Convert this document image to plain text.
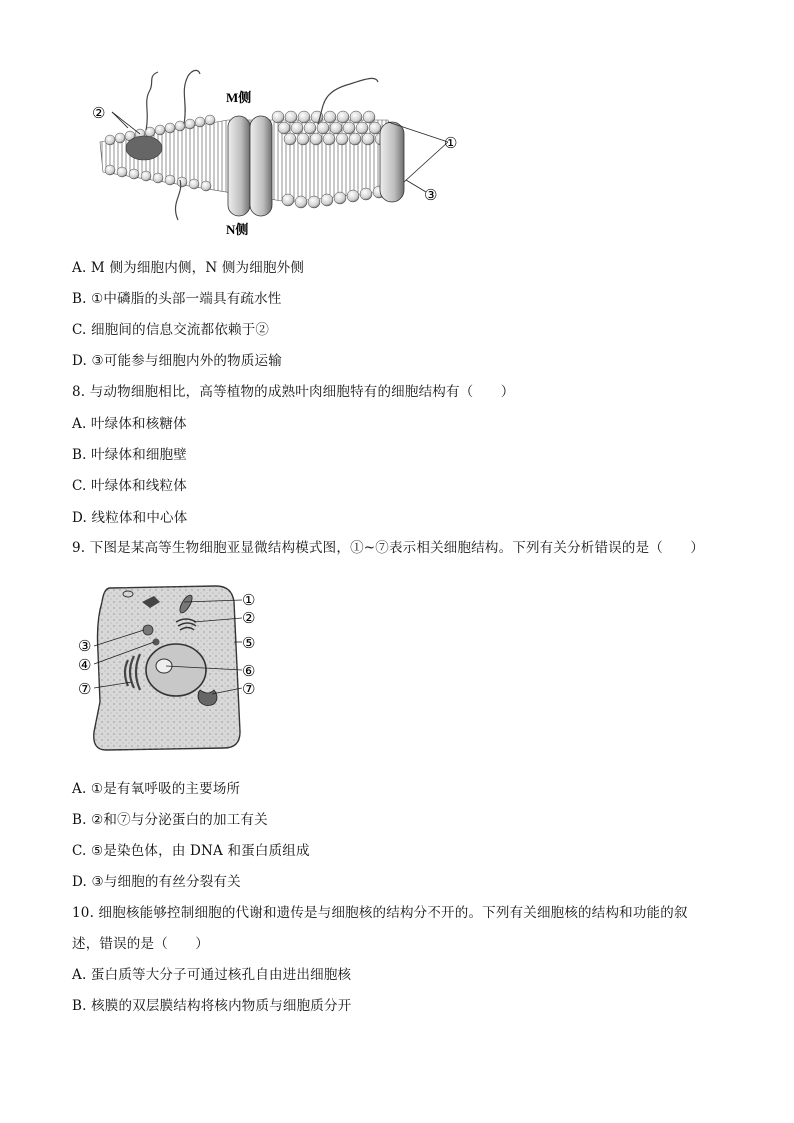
M侧
N侧
②
①
③
A. M 侧为细胞内侧，N 侧为细胞外侧
B. ①中磷脂的头部一端具有疏水性
C. 细胞间的信息交流都依赖于②
D. ③可能参与细胞内外的物质运输
8. 与动物细胞相比，高等植物的成熟叶肉细胞特有的细胞结构有（　　）
A. 叶绿体和核糖体
B. 叶绿体和细胞壁
C. 叶绿体和线粒体
D. 线粒体和中心体
9. 下图是某高等生物细胞亚显微结构模式图，①~⑦表示相关细胞结构。下列有关分析错误的是（　　）
①
②
③
④
⑤
⑥
⑦	⑦
A. ①是有氧呼吸的主要场所
B. ②和⑦与分泌蛋白的加工有关
C. ⑤是染色体，由 DNA 和蛋白质组成
D. ③与细胞的有丝分裂有关
10. 细胞核能够控制细胞的代谢和遗传是与细胞核的结构分不开的。下列有关细胞核的结构和功能的叙
述，错误的是（　　）
A. 蛋白质等大分子可通过核孔自由进出细胞核
B. 核膜的双层膜结构将核内物质与细胞质分开
